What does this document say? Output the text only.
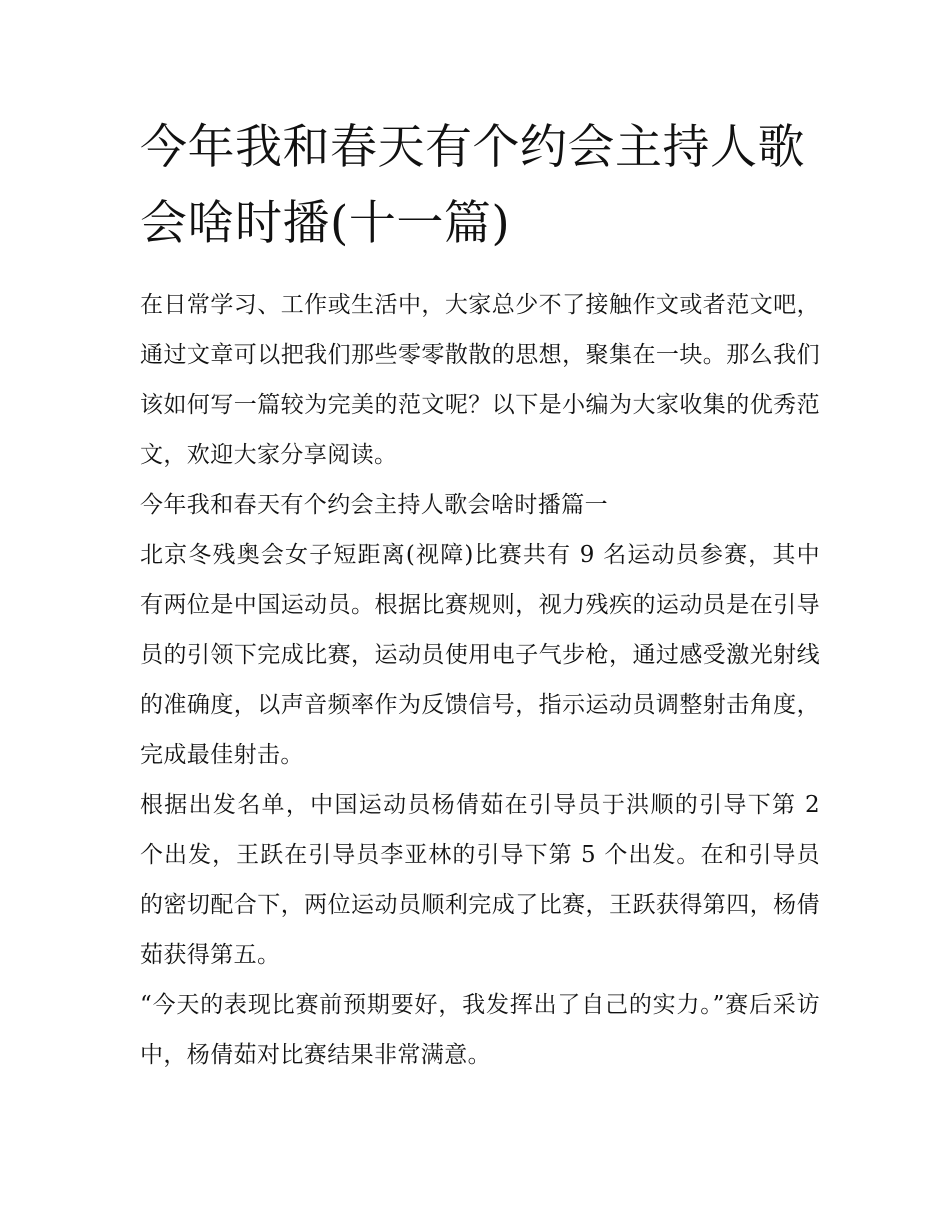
今年我和春天有个约会主持人歌会啥时播(十一篇)

在日常学习、工作或生活中，大家总少不了接触作文或者范文吧，通过文章可以把我们那些零零散散的思想，聚集在一块。那么我们该如何写一篇较为完美的范文呢？以下是小编为大家收集的优秀范文，欢迎大家分享阅读。

今年我和春天有个约会主持人歌会啥时播篇一

北京冬残奥会女子短距离(视障)比赛共有 9 名运动员参赛，其中有两位是中国运动员。根据比赛规则，视力残疾的运动员是在引导员的引领下完成比赛，运动员使用电子气步枪，通过感受激光射线的准确度，以声音频率作为反馈信号，指示运动员调整射击角度，完成最佳射击。

根据出发名单，中国运动员杨倩茹在引导员于洪顺的引导下第 2 个出发，王跃在引导员李亚林的引导下第 5 个出发。在和引导员的密切配合下，两位运动员顺利完成了比赛，王跃获得第四，杨倩茹获得第五。

“今天的表现比赛前预期要好，我发挥出了自己的实力。”赛后采访中，杨倩茹对比赛结果非常满意。
